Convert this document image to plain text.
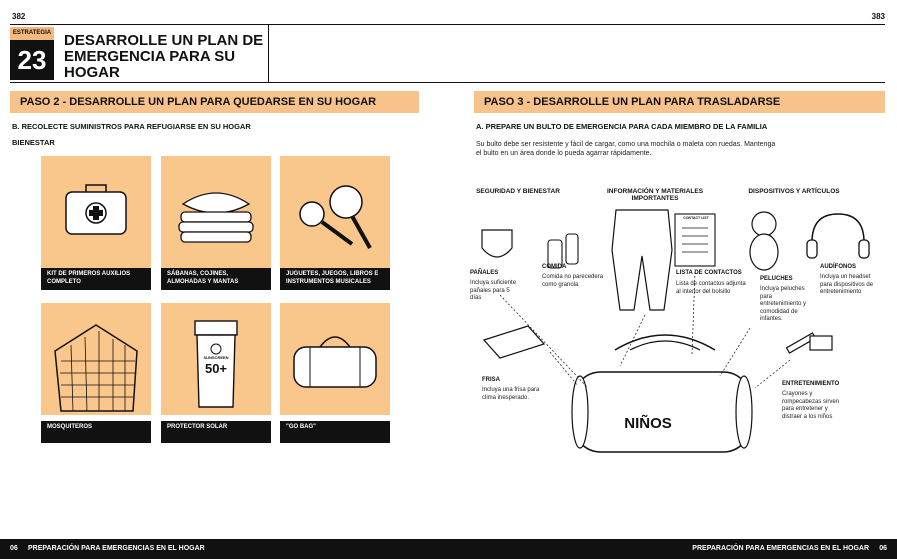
382	383
ESTRATEGIA
23
DESARROLLE UN PLAN DE EMERGENCIA PARA SU HOGAR
PASO 2 - DESARROLLE UN PLAN PARA QUEDARSE EN SU HOGAR
B. RECOLECTE SUMINISTROS PARA REFUGIARSE EN SU HOGAR
BIENESTAR
KIT DE PRIMEROS AUXILIOS COMPLETO
SÁBANAS, COJINES, ALMOHADAS Y MANTAS
JUGUETES, JUEGOS, LIBROS E INSTRUMENTOS MUSICALES
MOSQUITEROS
SUNSCREEN
50+
PROTECTOR SOLAR	"GO BAG"
PASO 3 - DESARROLLE UN PLAN PARA TRASLADARSE
A. PREPARE UN BULTO DE EMERGENCIA PARA CADA MIEMBRO DE LA FAMILIA
Su bulto debe ser resistente y fácil de cargar, como una mochila o maleta con ruedas. Mantenga el bulto en un área donde lo pueda agarrar rápidamente.
SEGURIDAD Y BIENESTAR	INFORMACIÓN Y MATERIALES IMPORTANTES
DISPOSITIVOS Y ARTÍCULOS
NIÑOS
CONTACT LIST
PAÑALES
Incluya suficiente pañales para 5 días
COMIDA
Comida no parecedera como granola
LISTA DE CONTACTOS
Lista de contactos adjunta al interior del bolsillo
PELUCHES
Incluya peluches para entretenimiento y comodidad de infantes.
AUDÍFONOS
Incluya un headset para dispositivos de entretenimiento
FRISA
Incluya una frisa para clima inesperado.
ENTRETENIMIENTO
Crayones y rompecabezas sirven para entretener y distraer a los niños
06 PREPARACIÓN PARA EMERGENCIAS EN EL HOGAR	PREPARACIÓN PARA EMERGENCIAS EN EL HOGAR 06
